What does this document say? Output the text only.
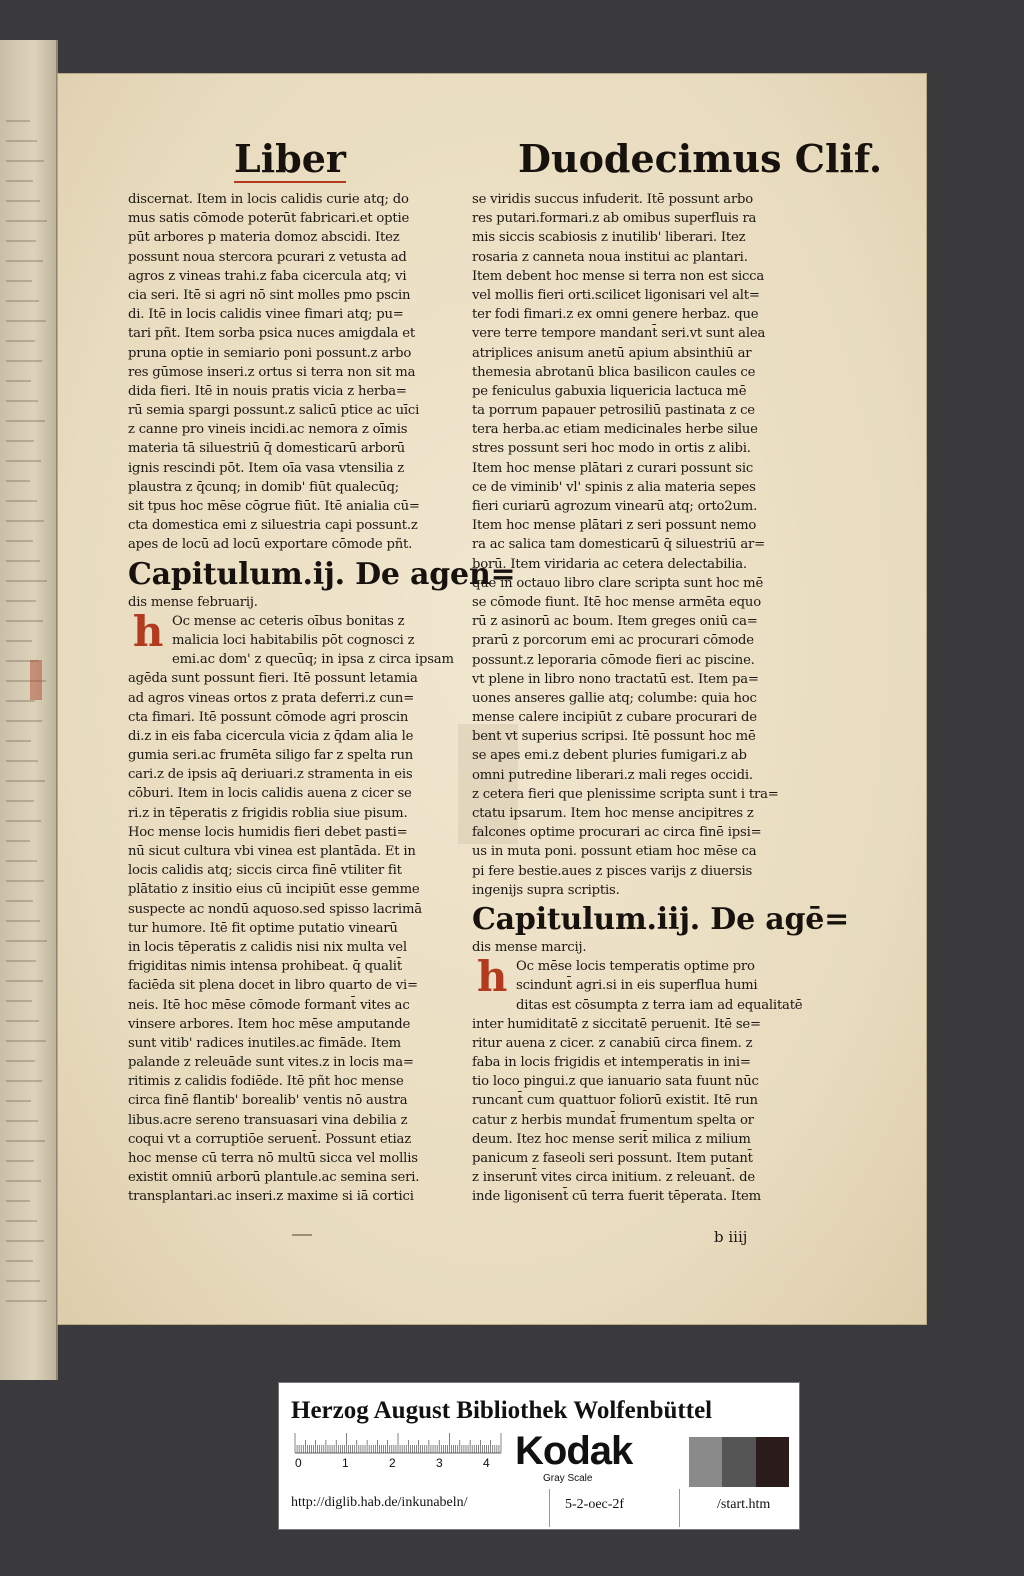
Liber	Duodecimus Clif.
discernat. Item in locis calidis curie atq; do
mus satis cōmode poterūt fabricari.et optie
pūt arbores p materia domoz abscidi. Itez
possunt noua stercora pcurari z vetusta ad
agros z vineas trahi.z faba cicercula atq; vi
cia seri. Itē si agri nō sint molles pmo pscin
di. Itē in locis calidis vinee fimari atq; pu=
tari pñt. Item sorba psica nuces amigdala et
pruna optie in semiario poni possunt.z arbo
res gūmose inseri.z ortus si terra non sit ma
dida fieri. Itē in nouis pratis vicia z herba=
rū semia spargi possunt.z salicū ptice ac uīci
z canne pro vineis incidi.ac nemora z oīmis
materia tā siluestriū q̄ domesticarū arborū
ignis rescindi pōt. Item oīa vasa vtensilia z
plaustra z q̄cunq; in domib' fiūt qualecūq;
sit tpus hoc mēse cōgrue fiūt. Itē anialia cū=
cta domestica emi z siluestria capi possunt.z
apes de locū ad locū exportare cōmode pñt.
Capitulum.ij. De agen=
dis mense februarij.
h Oc mense ac ceteris oībus bonitas z
malicia loci habitabilis pōt cognosci z
emi.ac dom' z quecūq; in ipsa z circa ipsam
agēda sunt possunt fieri. Itē possunt letamia
ad agros vineas ortos z prata deferri.z cun=
cta fimari. Itē possunt cōmode agri proscin
di.z in eis faba cicercula vicia z q̄dam alia le
gumia seri.ac frumēta siligo far z spelta run
cari.z de ipsis aq̄ deriuari.z stramenta in eis
cōburi. Item in locis calidis auena z cicer se
ri.z in tēperatis z frigidis roblia siue pisum.
Hoc mense locis humidis fieri debet pasti=
nū sicut cultura vbi vinea est plantāda. Et in
locis calidis atq; siccis circa finē vtiliter fit
plātatio z insitio eius cū incipiūt esse gemme
suspecte ac nondū aquoso.sed spisso lacrimā
tur humore. Itē fit optime putatio vinearū
in locis tēperatis z calidis nisi nix multa vel
frigiditas nimis intensa prohibeat. q̄ qualit̄
faciēda sit plena docet in libro quarto de vi=
neis. Itē hoc mēse cōmode formant̄ vites ac
vinsere arbores. Item hoc mēse amputande
sunt vitib' radices inutiles.ac fimāde. Item
palande z releuāde sunt vites.z in locis ma=
ritimis z calidis fodiēde. Itē pñt hoc mense
circa finē flantib' borealib' ventis nō austra
libus.acre sereno transuasari vina debilia z
coqui vt a corruptiōe seruent̄. Possunt etiaz
hoc mense cū terra nō multū sicca vel mollis
existit omniū arborū plantule.ac semina seri.
transplantari.ac inseri.z maxime si iā cortici
se viridis succus infuderit. Itē possunt arbo
res putari.formari.z ab omibus superfluis ra
mis siccis scabiosis z inutilib' liberari. Itez
rosaria z canneta noua institui ac plantari.
Item debent hoc mense si terra non est sicca
vel mollis fieri orti.scilicet ligonisari vel alt=
ter fodi fimari.z ex omni genere herbaz. que
vere terre tempore mandant̄ seri.vt sunt alea
atriplices anisum anetū apium absinthiū ar
themesia abrotanū blica basilicon caules ce
pe feniculus gabuxia liquericia lactuca mē
ta porrum papauer petrosiliū pastinata z ce
tera herba.ac etiam medicinales herbe silue
stres possunt seri hoc modo in ortis z alibi.
Item hoc mense plātari z curari possunt sic
ce de viminib' vl' spinis z alia materia sepes
fieri curiarū agrozum vinearū atq; orto2um.
Item hoc mense plātari z seri possunt nemo
ra ac salica tam domesticarū q̄ siluestriū ar=
borū. Item viridaria ac cetera delectabilia.
que in octauo libro clare scripta sunt hoc mē
se cōmode fiunt. Itē hoc mense armēta equo
rū z asinorū ac boum. Item greges oniū ca=
prarū z porcorum emi ac procurari cōmode
possunt.z leporaria cōmode fieri ac piscine.
vt plene in libro nono tractatū est. Item pa=
uones anseres gallie atq; columbe: quia hoc
mense calere incipiūt z cubare procurari de
bent vt superius scripsi. Itē possunt hoc mē
se apes emi.z debent pluries fumigari.z ab
omni putredine liberari.z mali reges occidi.
z cetera fieri que plenissime scripta sunt i tra=
ctatu ipsarum. Item hoc mense ancipitres z
falcones optime procurari ac circa finē ipsi=
us in muta poni. possunt etiam hoc mēse ca
pi fere bestie.aues z pisces varijs z diuersis
ingenijs supra scriptis.
Capitulum.iij. De agē=
dis mense marcij.
h Oc mēse locis temperatis optime pro
scindunt̄ agri.si in eis superflua humi
ditas est cōsumpta z terra iam ad equalitatē
inter humiditatē z siccitatē peruenit. Itē se=
ritur auena z cicer. z canabiū circa finem. z
faba in locis frigidis et intemperatis in ini=
tio loco pingui.z que ianuario sata fuunt nūc
runcant̄ cum quattuor foliorū existit. Itē run
catur z herbis mundat̄ frumentum spelta or
deum. Itez hoc mense serit̄ milica z milium
panicum z faseoli seri possunt. Item putant̄
z inserunt̄ vites circa initium. z releuant̄. de
inde ligonisent̄ cū terra fuerit tēperata. Item
b iiij
Herzog August Bibliothek Wolfenbüttel
0	1	2	3	4 Kodak
Gray Scale
http://diglib.hab.de/inkunabeln/	5-2-oec-2f	/start.htm
